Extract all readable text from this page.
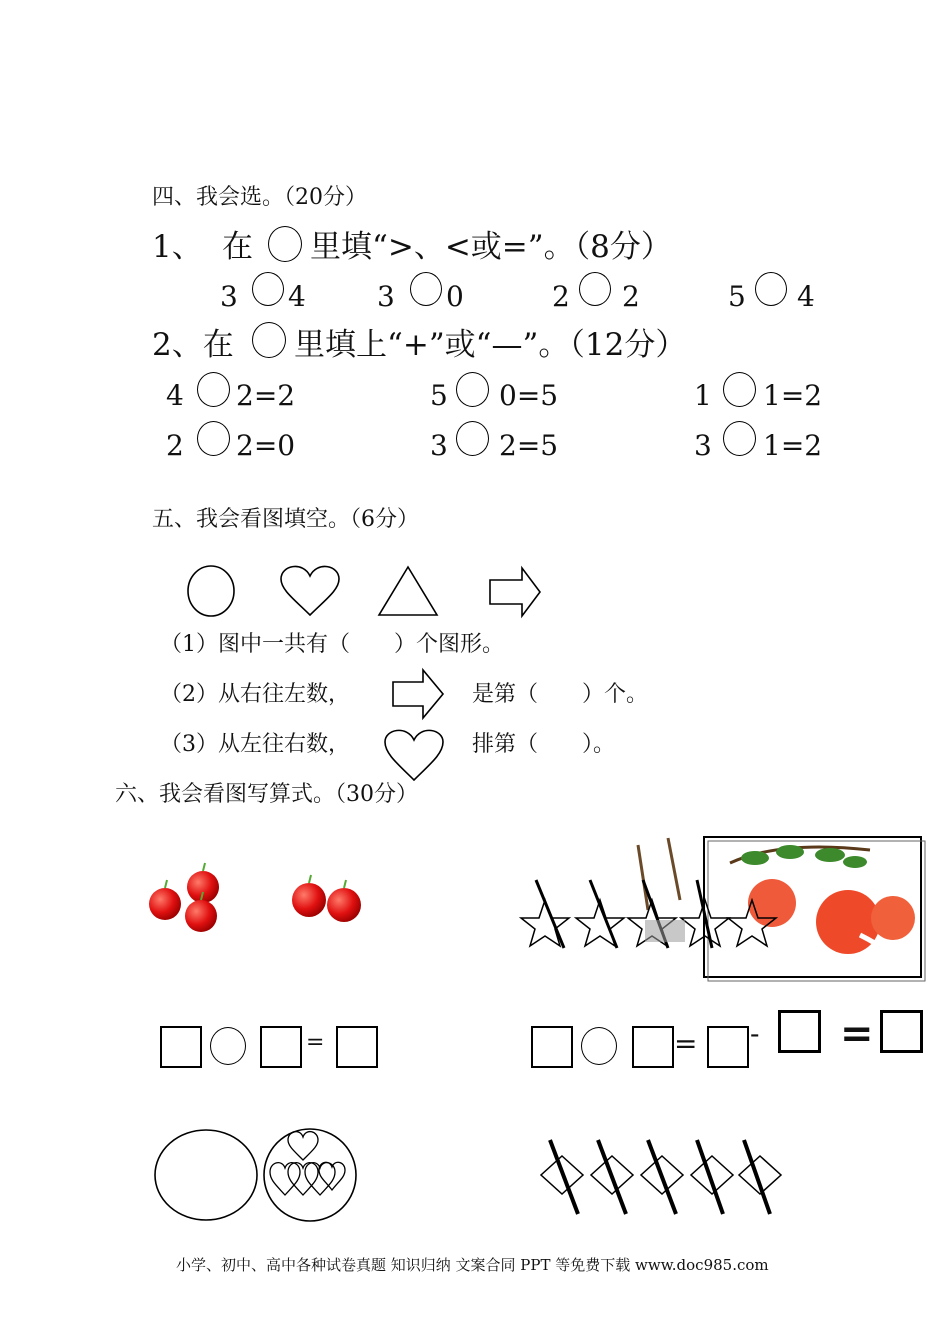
四、我会选。（20分）
1、 在 里填“>、<或=”。（8分）
3 4	3 0	2 2	5 4
2、在 里填上“+”或“—”。（12分）
4 2=2	5 0=5	1 1=2
2 2=0	3 2=5	3 1=2
五、我会看图填空。（6分）
（1）图中一共有（　　）个图形。
（2）从右往左数，	是第（　　）个。
（3）从左往右数，	排第（　　）。
六、我会看图写算式。（30分）
=	= - =
小学、初中、高中各种试卷真题 知识归纳 文案合同 PPT 等免费下载 www.doc985.com
